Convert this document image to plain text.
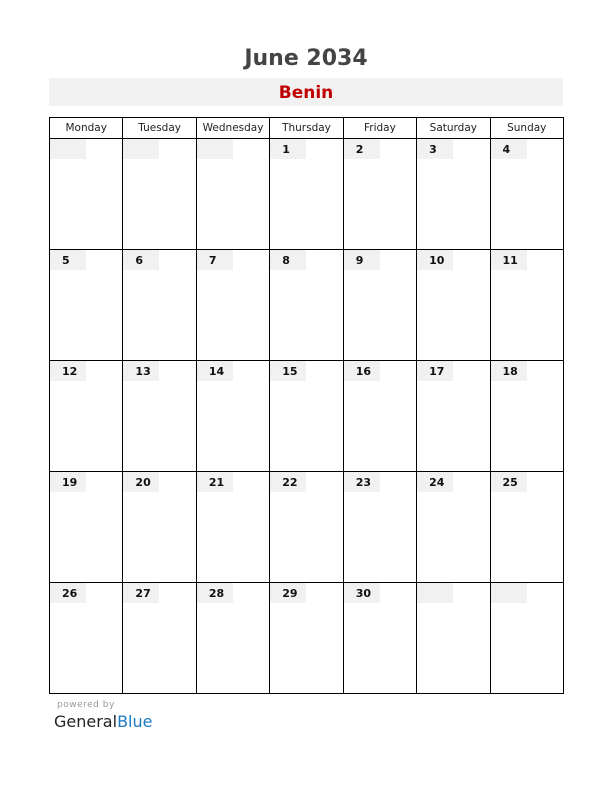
June 2034
Benin
Monday	Tuesday	Wednesday	Thursday	Friday	Saturday	Sunday

			1	2	3	4

5	6	7	8	9	10	11

12	13	14	15	16	17	18

19	20	21	22	23	24	25

26	27	28	29	30		

powered by
GeneralBlue
